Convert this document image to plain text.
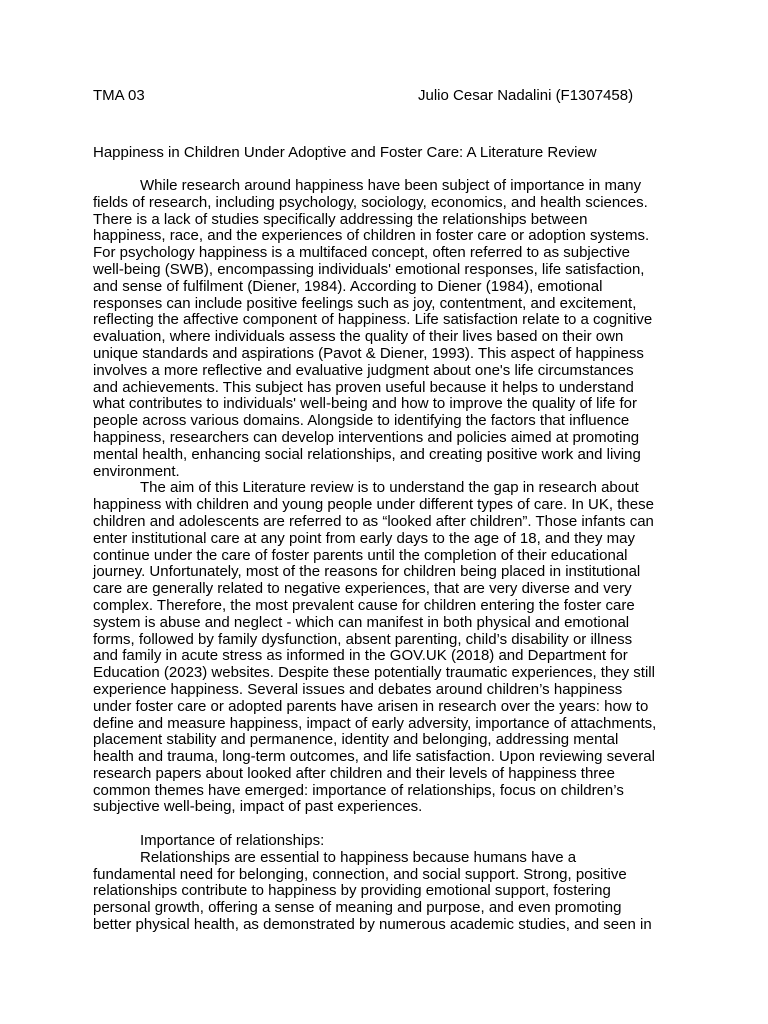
TMA 03	Julio Cesar Nadalini (F1307458)
Happiness in Children Under Adoptive and Foster Care: A Literature Review
While research around happiness have been subject of importance in many
fields of research, including psychology, sociology, economics, and health sciences.
There is a lack of studies specifically addressing the relationships between
happiness, race, and the experiences of children in foster care or adoption systems.
For psychology happiness is a multifaced concept, often referred to as subjective
well-being (SWB), encompassing individuals' emotional responses, life satisfaction,
and sense of fulfilment (Diener, 1984). According to Diener (1984), emotional
responses can include positive feelings such as joy, contentment, and excitement,
reflecting the affective component of happiness. Life satisfaction relate to a cognitive
evaluation, where individuals assess the quality of their lives based on their own
unique standards and aspirations (Pavot & Diener, 1993). This aspect of happiness
involves a more reflective and evaluative judgment about one's life circumstances
and achievements. This subject has proven useful because it helps to understand
what contributes to individuals' well-being and how to improve the quality of life for
people across various domains. Alongside to identifying the factors that influence
happiness, researchers can develop interventions and policies aimed at promoting
mental health, enhancing social relationships, and creating positive work and living
environment.
The aim of this Literature review is to understand the gap in research about
happiness with children and young people under different types of care. In UK, these
children and adolescents are referred to as “looked after children”. Those infants can
enter institutional care at any point from early days to the age of 18, and they may
continue under the care of foster parents until the completion of their educational
journey. Unfortunately, most of the reasons for children being placed in institutional
care are generally related to negative experiences, that are very diverse and very
complex. Therefore, the most prevalent cause for children entering the foster care
system is abuse and neglect - which can manifest in both physical and emotional
forms, followed by family dysfunction, absent parenting, child’s disability or illness
and family in acute stress as informed in the GOV.UK (2018) and Department for
Education (2023) websites. Despite these potentially traumatic experiences, they still
experience happiness. Several issues and debates around children’s happiness
under foster care or adopted parents have arisen in research over the years: how to
define and measure happiness, impact of early adversity, importance of attachments,
placement stability and permanence, identity and belonging, addressing mental
health and trauma, long-term outcomes, and life satisfaction. Upon reviewing several
research papers about looked after children and their levels of happiness three
common themes have emerged: importance of relationships, focus on children’s
subjective well-being, impact of past experiences.
Importance of relationships:
Relationships are essential to happiness because humans have a
fundamental need for belonging, connection, and social support. Strong, positive
relationships contribute to happiness by providing emotional support, fostering
personal growth, offering a sense of meaning and purpose, and even promoting
better physical health, as demonstrated by numerous academic studies, and seen in
